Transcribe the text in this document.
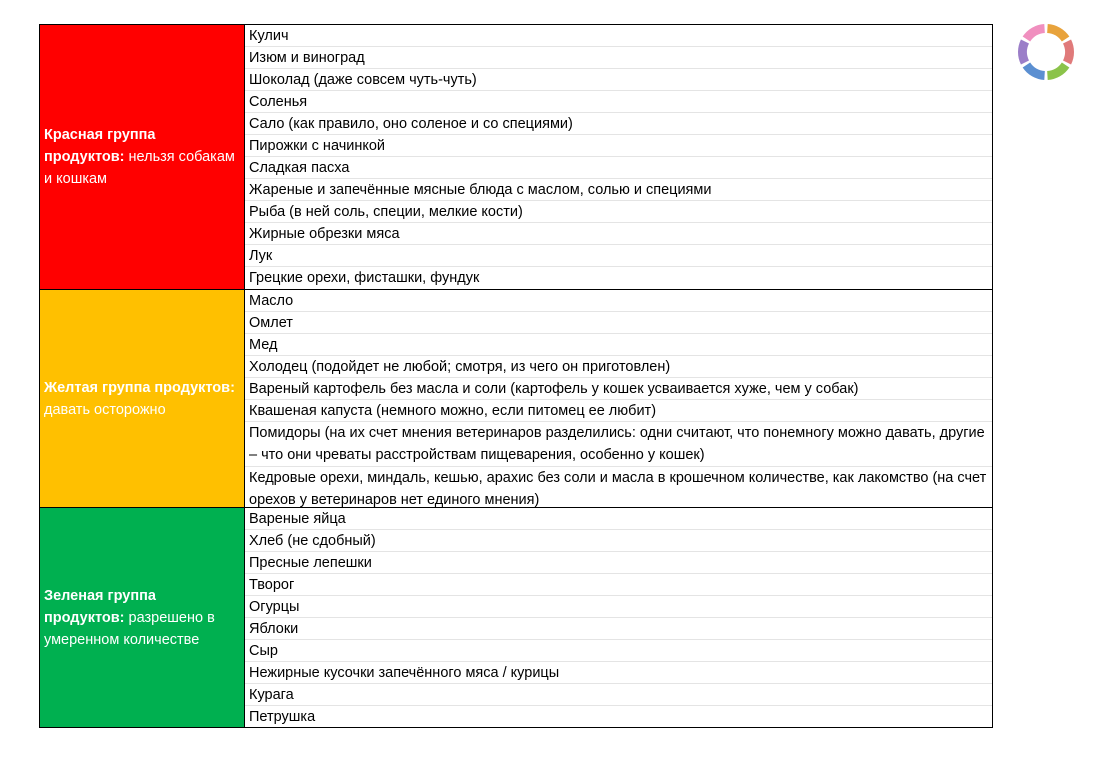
Красная группа продуктов: нельзя собакам и кошкам
Кулич
Изюм и виноград
Шоколад (даже совсем чуть-чуть)
Соленья
Сало (как правило, оно соленое и со специями)
Пирожки с начинкой
Сладкая пасха
Жареные и запечённые мясные блюда с маслом, солью и специями
Рыба (в ней соль, специи, мелкие кости)
Жирные обрезки мяса
Лук
Грецкие орехи, фисташки, фундук
Желтая группа продуктов: давать осторожно
Масло
Омлет
Мед
Холодец (подойдет не любой; смотря, из чего он приготовлен)
Вареный картофель без масла и соли (картофель у кошек усваивается хуже, чем у собак)
Квашеная капуста (немного можно, если питомец ее любит)
Помидоры (на их счет мнения ветеринаров разделились: одни считают, что понемногу можно давать, другие – что они чреваты расстройствам пищеварения, особенно у кошек)
Кедровые орехи, миндаль, кешью, арахис без соли и масла в крошечном количестве, как лакомство (на счет орехов у ветеринаров нет единого мнения)
Зеленая группа продуктов: разрешено в умеренном количестве
Вареные яйца
Хлеб (не сдобный)
Пресные лепешки
Творог
Огурцы
Яблоки
Сыр
Нежирные кусочки запечённого мяса / курицы
Курага
Петрушка
